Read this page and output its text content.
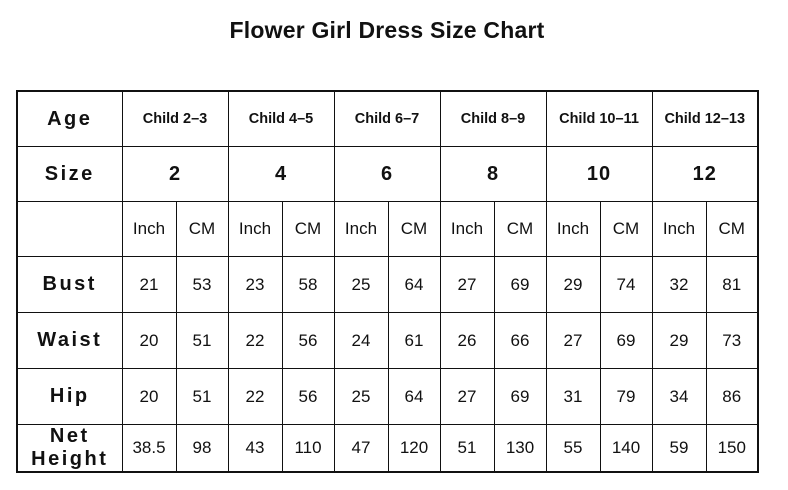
Flower Girl Dress Size Chart
Age	Child 2–3		Child 4–5		Child 6–7		Child 8–9		Child 10–11		Child 12–13	
Size	2		4		6		8		10		12	
	Inch	CM	Inch	CM	Inch	CM	Inch	CM	Inch	CM	Inch	CM
Bust	21	53	23	58	25	64	27	69	29	74	32	81
Waist	20	51	22	56	24	61	26	66	27	69	29	73
Hip	20	51	22	56	25	64	27	69	31	79	34	86

Net
Height	38.5	98	43	110	47	120	51	130	55	140	59	150
